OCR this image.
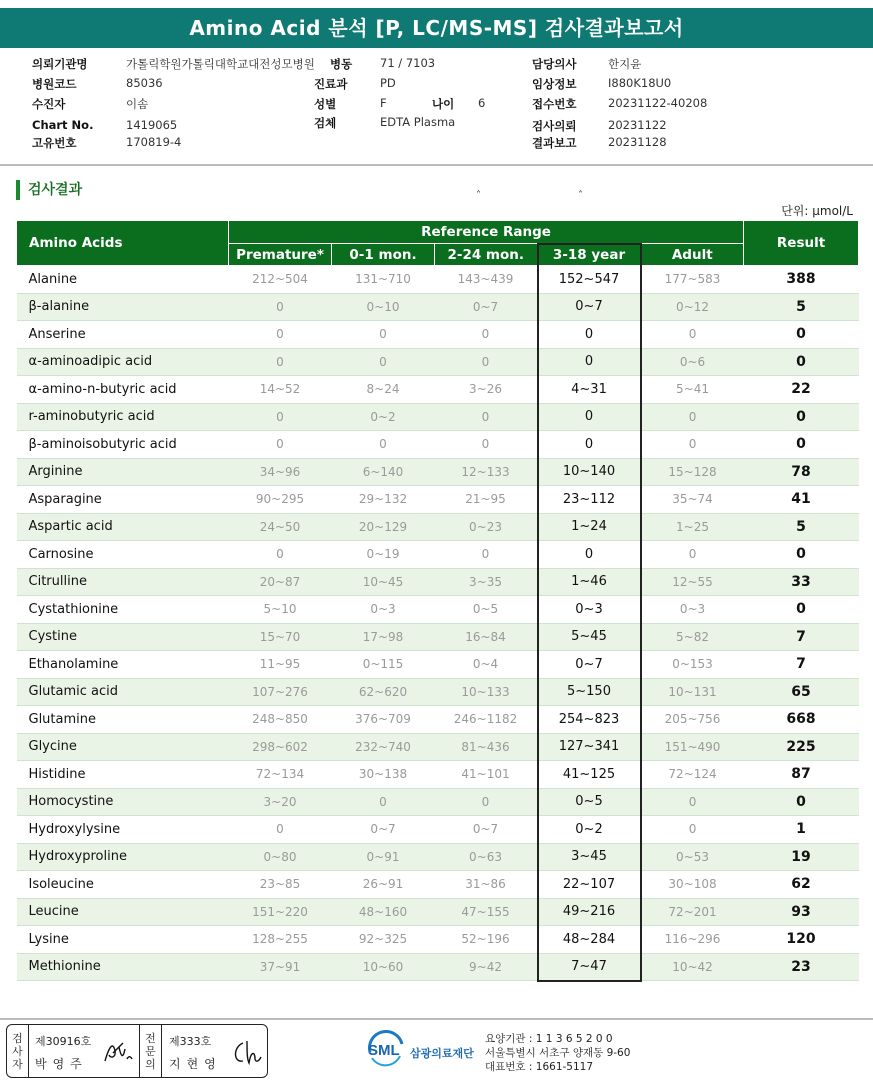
Amino Acid 분석 [P, LC/MS-MS] 검사결과보고서
의뢰기관명	가톨릭학원가톨릭대학교대전성모병원
병원코드	85036
수진자	이솜
Chart No.	1419065
고유번호	170819-4
병동 71 / 7103
진료과	PD
성별	F	나이 6
검체	EDTA Plasma
담당의사	한지윤
임상정보	I880K18U0
접수번호	20231122-40208
검사의뢰	20231122
결과보고	20231128
검사결과	˄	˄
단위: μmol/L
Amino Acids	Reference Range					Result
	Premature*	0-1 mon.	2-24 mon.	3-18 year	Adult	
Alanine	212~504	131~710	143~439	152~547	177~583	388
β-alanine	0	0~10	0~7	0~7	0~12	5
Anserine	0	0	0	0	0	0
α-aminoadipic acid	0	0	0	0	0~6	0
α-amino-n-butyric acid	14~52	8~24	3~26	4~31	5~41	22
r-aminobutyric acid	0	0~2	0	0	0	0
β-aminoisobutyric acid	0	0	0	0	0	0
Arginine	34~96	6~140	12~133	10~140	15~128	78
Asparagine	90~295	29~132	21~95	23~112	35~74	41
Aspartic acid	24~50	20~129	0~23	1~24	1~25	5
Carnosine	0	0~19	0	0	0	0
Citrulline	20~87	10~45	3~35	1~46	12~55	33
Cystathionine	5~10	0~3	0~5	0~3	0~3	0
Cystine	15~70	17~98	16~84	5~45	5~82	7
Ethanolamine	11~95	0~115	0~4	0~7	0~153	7
Glutamic acid	107~276	62~620	10~133	5~150	10~131	65
Glutamine	248~850	376~709	246~1182	254~823	205~756	668
Glycine	298~602	232~740	81~436	127~341	151~490	225
Histidine	72~134	30~138	41~101	41~125	72~124	87
Homocystine	3~20	0	0	0~5	0	0
Hydroxylysine	0	0~7	0~7	0~2	0	1
Hydroxyproline	0~80	0~91	0~63	3~45	0~53	19
Isoleucine	23~85	26~91	31~86	22~107	30~108	62
Leucine	151~220	48~160	47~155	49~216	72~201	93
Lysine	128~255	92~325	52~196	48~284	116~296	120
Methionine	37~91	10~60	9~42	7~47	10~42	23
검
사
자
제30916호
박영주
전
문
의
제333호
지현영
SML 삼광의료재단
요양기관 : 1 1 3 6 5 2 0 0
서울특별시 서초구 양재동 9-60
대표번호 : 1661-5117
